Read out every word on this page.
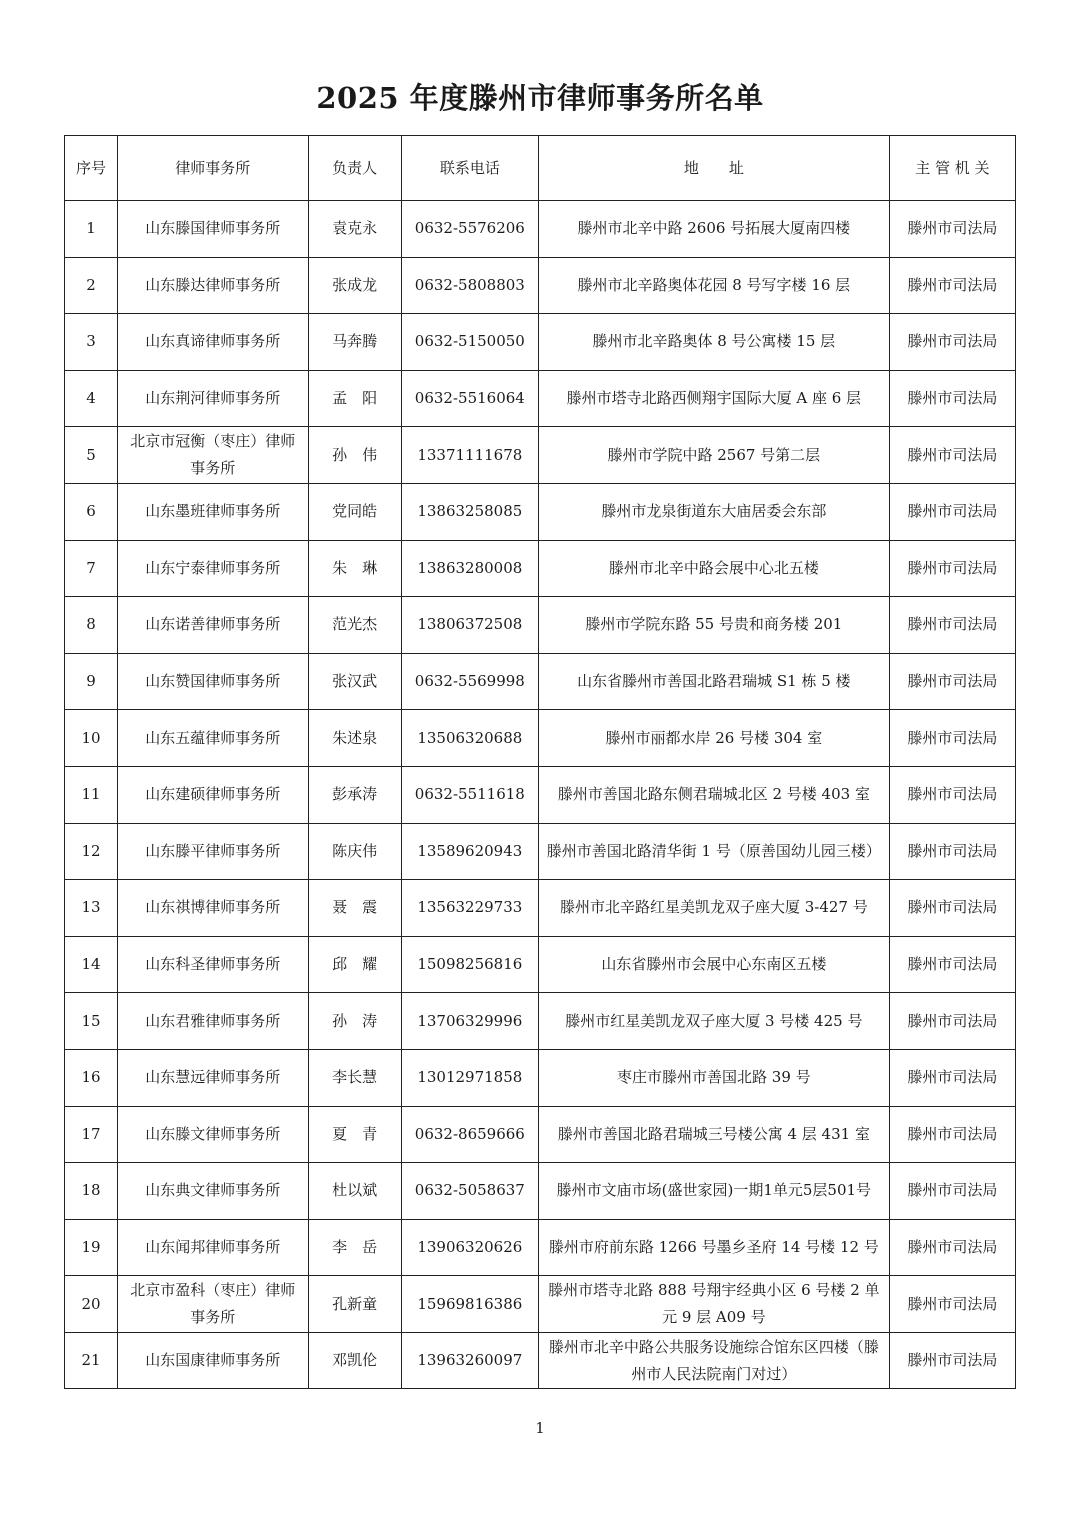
2025 年度滕州市律师事务所名单
序号	律师事务所	负责人	联系电话	地　　址	主 管 机 关
1	山东滕国律师事务所	袁克永	0632-5576206	滕州市北辛中路 2606 号拓展大厦南四楼	滕州市司法局
2	山东滕达律师事务所	张成龙	0632-5808803	滕州市北辛路奥体花园 8 号写字楼 16 层	滕州市司法局
3	山东真谛律师事务所	马奔腾	0632-5150050	滕州市北辛路奥体 8 号公寓楼 15 层	滕州市司法局
4	山东荆河律师事务所	孟　阳	0632-5516064	滕州市塔寺北路西侧翔宇国际大厦 A 座 6 层	滕州市司法局
5	北京市冠衡（枣庄）律师事务所	孙　伟	13371111678	滕州市学院中路 2567 号第二层	滕州市司法局
6	山东墨班律师事务所	党同皓	13863258085	滕州市龙泉街道东大庙居委会东部	滕州市司法局
7	山东宁泰律师事务所	朱　琳	13863280008	滕州市北辛中路会展中心北五楼	滕州市司法局
8	山东诺善律师事务所	范光杰	13806372508	滕州市学院东路 55 号贵和商务楼 201	滕州市司法局
9	山东赞国律师事务所	张汉武	0632-5569998	山东省滕州市善国北路君瑞城 S1 栋 5 楼	滕州市司法局
10	山东五蕴律师事务所	朱述泉	13506320688	滕州市丽都水岸 26 号楼 304 室	滕州市司法局
11	山东建硕律师事务所	彭承涛	0632-5511618	滕州市善国北路东侧君瑞城北区 2 号楼 403 室	滕州市司法局
12	山东滕平律师事务所	陈庆伟	13589620943	滕州市善国北路清华街 1 号（原善国幼儿园三楼）	滕州市司法局
13	山东祺博律师事务所	聂　震	13563229733	滕州市北辛路红星美凯龙双子座大厦 3-427 号	滕州市司法局
14	山东科圣律师事务所	邱　耀	15098256816	山东省滕州市会展中心东南区五楼	滕州市司法局
15	山东君雅律师事务所	孙　涛	13706329996	滕州市红星美凯龙双子座大厦 3 号楼 425 号	滕州市司法局
16	山东慧远律师事务所	李长慧	13012971858	枣庄市滕州市善国北路 39 号	滕州市司法局
17	山东滕文律师事务所	夏　青	0632-8659666	滕州市善国北路君瑞城三号楼公寓 4 层 431 室	滕州市司法局
18	山东典文律师事务所	杜以斌	0632-5058637	滕州市文庙市场(盛世家园)一期1单元5层501号	滕州市司法局
19	山东闻邦律师事务所	李　岳	13906320626	滕州市府前东路 1266 号墨乡圣府 14 号楼 12 号	滕州市司法局
20	北京市盈科（枣庄）律师事务所	孔新童	15969816386	滕州市塔寺北路 888 号翔宇经典小区 6 号楼 2 单元 9 层 A09 号	滕州市司法局
21	山东国康律师事务所	邓凯伦	13963260097	滕州市北辛中路公共服务设施综合馆东区四楼（滕州市人民法院南门对过）	滕州市司法局
1
